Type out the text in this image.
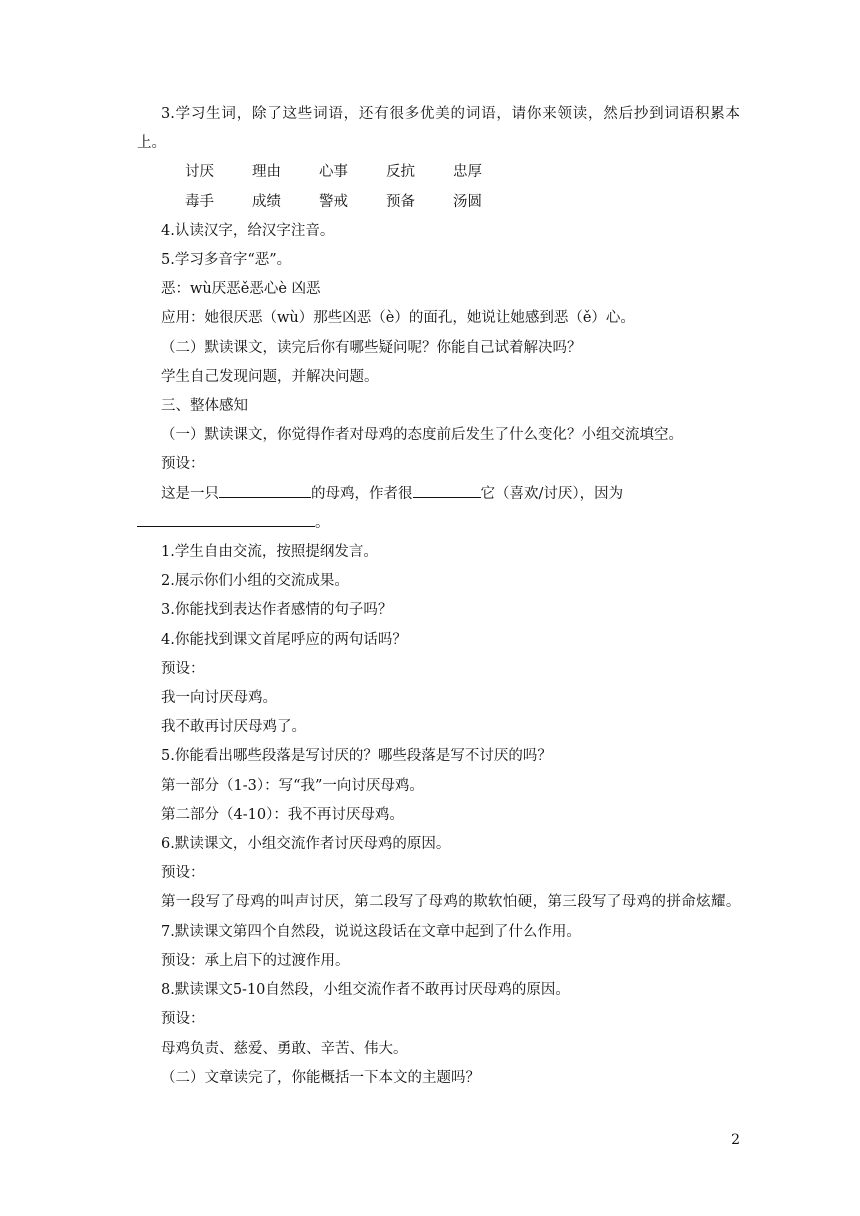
3.学习生词，除了这些词语，还有很多优美的词语，请你来领读，然后抄到词语积累本上。

讨厌	理由	心事	反抗	忠厚

毒手	成绩	警戒	预备	汤圆

4.认读汉字，给汉字注音。

5.学习多音字“恶”。

恶：wù厌恶ě恶心è 凶恶

应用：她很厌恶（wù）那些凶恶（è）的面孔，她说让她感到恶（ě）心。

（二）默读课文，读完后你有哪些疑问呢？你能自己试着解决吗？

学生自己发现问题，并解决问题。

三、整体感知

（一）默读课文，你觉得作者对母鸡的态度前后发生了什么变化？小组交流填空。

预设：

这是一只	的母鸡，作者很	它（喜欢/讨厌），因为

。

1.学生自由交流，按照提纲发言。

2.展示你们小组的交流成果。

3.你能找到表达作者感情的句子吗？

4.你能找到课文首尾呼应的两句话吗？

预设：

我一向讨厌母鸡。

我不敢再讨厌母鸡了。

5.你能看出哪些段落是写讨厌的？哪些段落是写不讨厌的吗？

第一部分（1-3）：写“我”一向讨厌母鸡。

第二部分（4-10）：我不再讨厌母鸡。

6.默读课文，小组交流作者讨厌母鸡的原因。

预设：

第一段写了母鸡的叫声讨厌，第二段写了母鸡的欺软怕硬，第三段写了母鸡的拼命炫耀。

7.默读课文第四个自然段，说说这段话在文章中起到了什么作用。

预设：承上启下的过渡作用。

8.默读课文5-10自然段，小组交流作者不敢再讨厌母鸡的原因。

预设：

母鸡负责、慈爱、勇敢、辛苦、伟大。

（二）文章读完了，你能概括一下本文的主题吗？

2
